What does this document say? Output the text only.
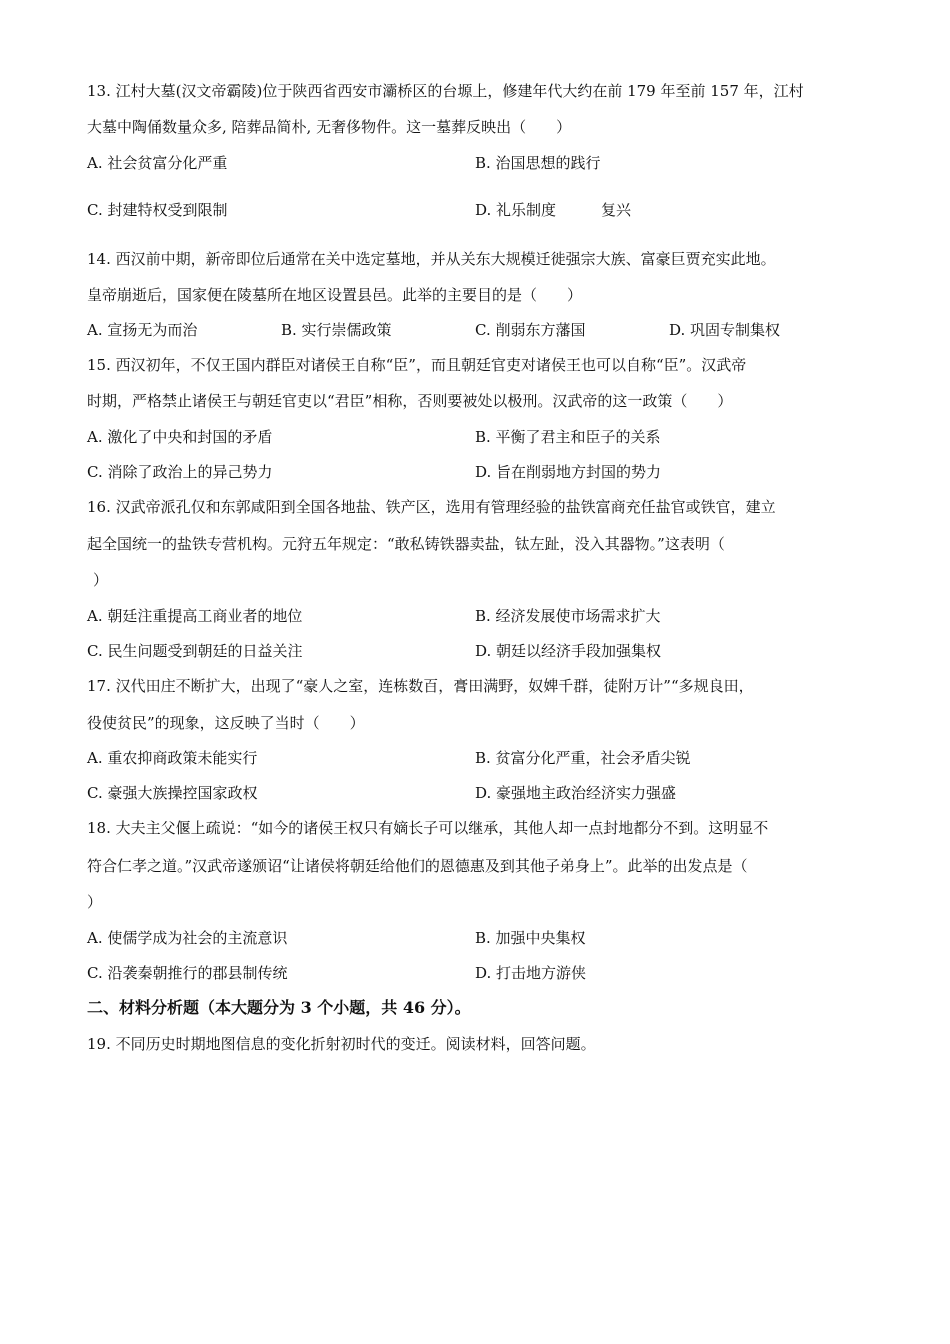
13. 江村大墓(汉文帝霸陵)位于陕西省西安市灞桥区的台塬上，修建年代大约在前 179 年至前 157 年，江村
大墓中陶俑数量众多, 陪葬品简朴, 无奢侈物件。这一墓葬反映出（　　）
A. 社会贫富分化严重	B. 治国思想的践行
C. 封建特权受到限制	D. 礼乐制度　　　复兴
14. 西汉前中期，新帝即位后通常在关中选定墓地，并从关东大规模迁徙强宗大族、富豪巨贾充实此地。
皇帝崩逝后，国家便在陵墓所在地区设置县邑。此举的主要目的是（　　）
A. 宣扬无为而治	B. 实行崇儒政策	C. 削弱东方藩国	D. 巩固专制集权
15. 西汉初年，不仅王国内群臣对诸侯王自称“臣”，而且朝廷官吏对诸侯王也可以自称“臣”。汉武帝
时期，严格禁止诸侯王与朝廷官吏以“君臣”相称，否则要被处以极刑。汉武帝的这一政策（　　）
A. 激化了中央和封国的矛盾	B. 平衡了君主和臣子的关系
C. 消除了政治上的异己势力	D. 旨在削弱地方封国的势力
16. 汉武帝派孔仅和东郭咸阳到全国各地盐、铁产区，选用有管理经验的盐铁富商充任盐官或铁官，建立
起全国统一的盐铁专营机构。元狩五年规定：“敢私铸铁器卖盐，钛左趾，没入其器物。”这表明（
）
A. 朝廷注重提高工商业者的地位	B. 经济发展使市场需求扩大
C. 民生问题受到朝廷的日益关注	D. 朝廷以经济手段加强集权
17. 汉代田庄不断扩大，出现了“豪人之室，连栋数百，膏田满野，奴婢千群，徒附万计”“多规良田，
役使贫民”的现象，这反映了当时（　　）
A. 重农抑商政策未能实行	B. 贫富分化严重，社会矛盾尖锐
C. 豪强大族操控国家政权	D. 豪强地主政治经济实力强盛
18. 大夫主父偃上疏说：“如今的诸侯王权只有嫡长子可以继承，其他人却一点封地都分不到。这明显不
符合仁孝之道。”汉武帝遂颁诏“让诸侯将朝廷给他们的恩德惠及到其他子弟身上”。此举的出发点是（
）
A. 使儒学成为社会的主流意识	B. 加强中央集权
C. 沿袭秦朝推行的郡县制传统	D. 打击地方游侠
二、材料分析题（本大题分为 3 个小题，共 46 分）。
19. 不同历史时期地图信息的变化折射初时代的变迁。阅读材料，回答问题。
